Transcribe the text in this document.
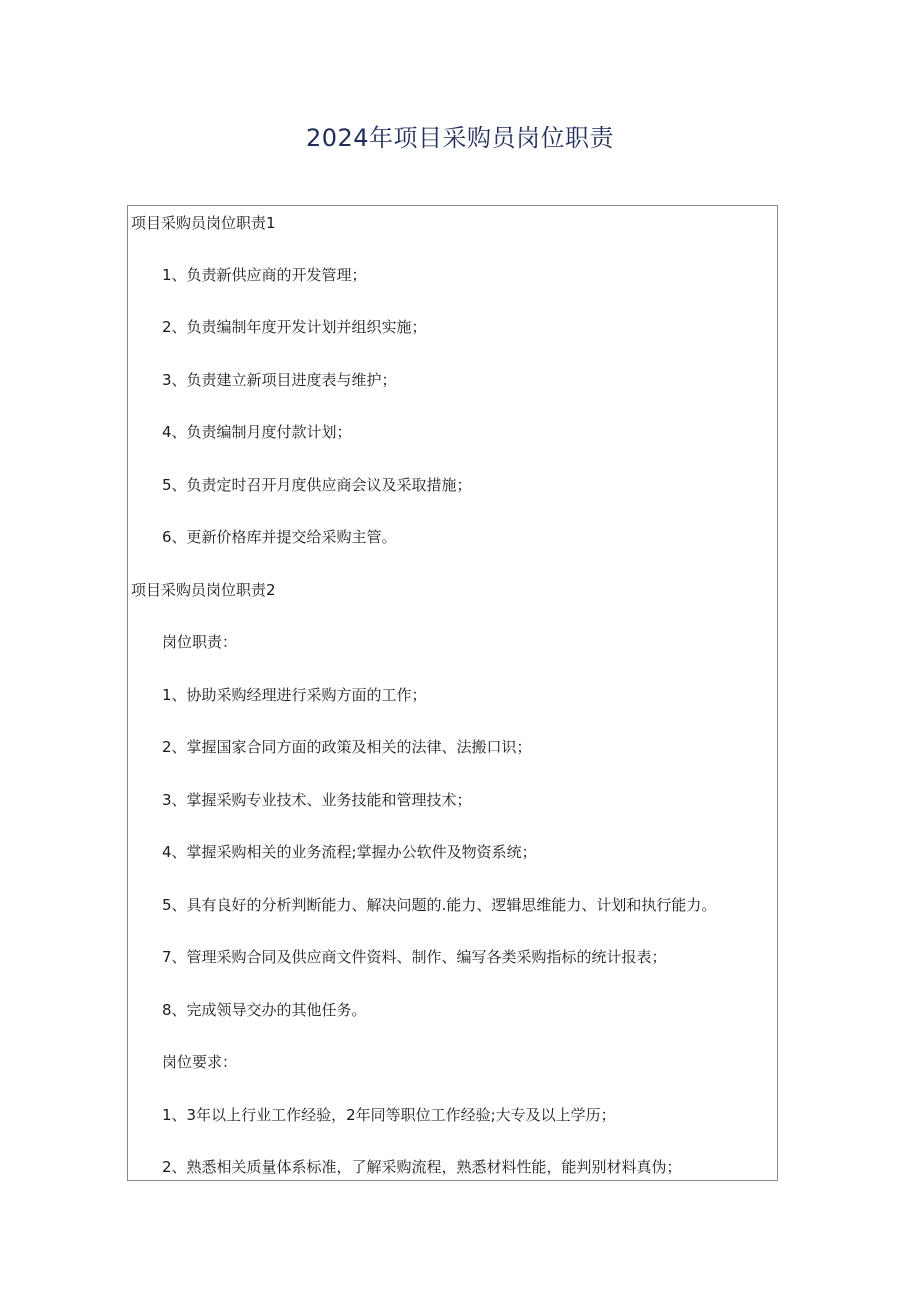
2024年项目采购员岗位职责
项目采购员岗位职责1
1、负责新供应商的开发管理；
2、负责编制年度开发计划并组织实施；
3、负责建立新项目进度表与维护；
4、负责编制月度付款计划；
5、负责定时召开月度供应商会议及采取措施；
6、更新价格库并提交给采购主管。
项目采购员岗位职责2
岗位职责：
1、协助采购经理进行采购方面的工作；
2、掌握国家合同方面的政策及相关的法律、法搬口识；
3、掌握采购专业技术、业务技能和管理技术；
4、掌握采购相关的业务流程;掌握办公软件及物资系统；
5、具有良好的分析判断能力、解决问题的.能力、逻辑思维能力、计划和执行能力。
7、管理采购合同及供应商文件资料、制作、编写各类采购指标的统计报表；
8、完成领导交办的其他任务。
岗位要求：
1、3年以上行业工作经验，2年同等职位工作经验;大专及以上学历；
2、熟悉相关质量体系标准，了解采购流程，熟悉材料性能，能判别材料真伪；
